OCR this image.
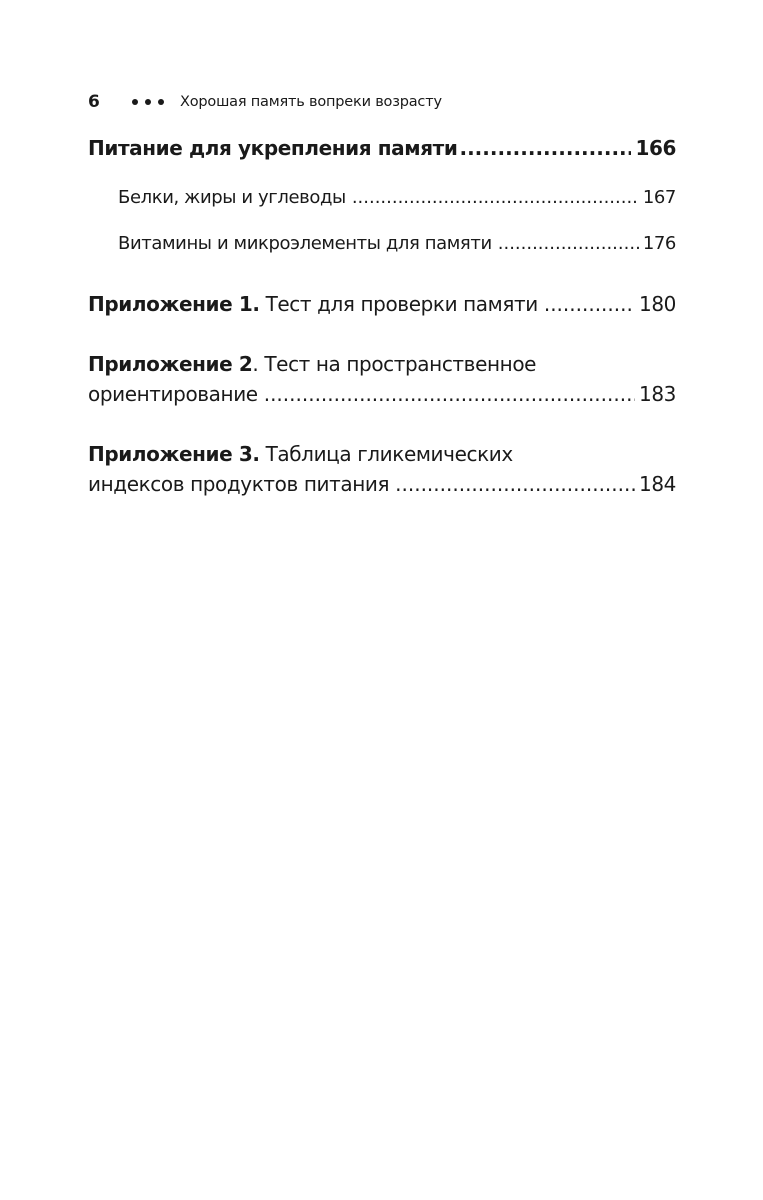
6	Хорошая память вопреки возрасту
Питание для укрепления памяти .....	166
Белки, жиры и углеводы .....	167
Витамины и микроэлементы для памяти .....	176
Приложение 1. Тест для проверки памяти .....	180
Приложение 2. Тест на пространственное
ориентирование .....	183
Приложение 3. Таблица гликемических
индексов продуктов питания .....	184
